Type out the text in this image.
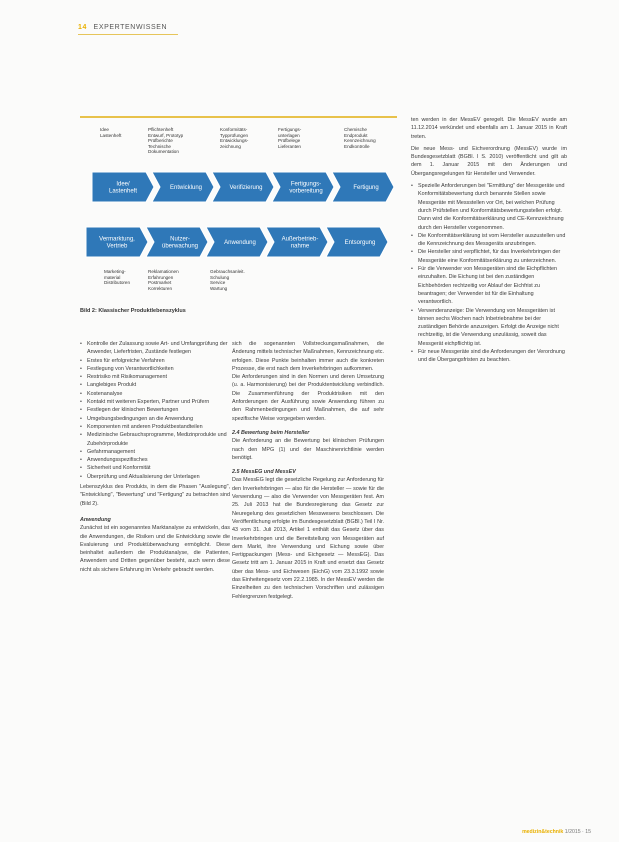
14 EXPERTENWISSEN
Idee
Lastenheft
Pflichtenheft
Entwurf, Prototyp
Prüfberichte
Technische
Dokumentation
Konformitäts-
Typprüfungen
Entwicklungs-
zeichnung
Fertigungs-
unterlagen
Prüfbelege
Lieferanten
Chemische
Endprodukt
Kennzeichnung
Endkontrolle
Idee/
Lastenheft
Entwicklung	Verifizierung
Fertigungs-
vorbereitung
Fertigung
Vermarktung,
Vertrieb
Nutzer-
überwachung
Anwendung
Außerbetrieb-
nahme
Entsorgung
Marketing-
material
Distributoren
Reklamationen
Erfahrungen
Postmarket
Korrekturen
Gebrauchsanleit.
Schulung
Service
Wartung
Bild 2: Klassischer Produktlebenszyklus
• Kontrolle der Zulassung sowie Art- und Umfangprüfung der Anwender, Lieferfristen, Zustände festlegen
• Erstes für erfolgreiche Verfahren
• Festlegung von Verantwortlichkeiten
• Restrisiko mit Risikomanagement
• Langlebiges Produkt
• Kostenanalyse
• Kontakt mit weiteren Experten, Partner und Prüfern
• Festlegen der klinischen Bewertungen
• Umgebungsbedingungen an die Anwendung
• Komponenten mit anderen Produktbestandteilen
• Medizinische Gebrauchsprogramme, Medizinprodukte und Zubehörprodukte
• Gefahrmanagement
• Anwendungsspezifisches
• Sicherheit und Konformität
• Überprüfung und Aktualisierung der Unterlagen

Lebenszyklus des Produkts, in dem die Phasen "Auslegung", "Entwicklung", "Bewertung" und "Fertigung" zu betrachten sind (Bild 2).

Anwendung

Zunächst ist ein sogenanntes Marktanalyse zu entwickeln, das die Anwendungen, die Risiken und die Entwicklung sowie die Evaluierung und Produktüberwachung ermöglicht. Diese beinhaltet außerdem die Produktanalyse, die Patienten, Anwendern und Dritten gegenüber besteht, auch wenn diese nicht als sichere Erfahrung im Verkehr gebracht werden.

sich die sogenannten Vollstreckungsmaßnahmen, die Änderung mittels technischer Maßnahmen, Kennzeichnung etc. erfolgen. Diese Punkte beinhalten immer auch die konkreten Prozesse, die erst nach dem Inverkehrbringen aufkommen.

Die Anforderungen sind in den Normen und deren Umsetzung (u. a. Harmonisierung) bei der Produktentwicklung verbindlich. Die Zusammenführung der Produktrisiken mit den Anforderungen der Ausführung sowie Anwendung führen zu den Rahmenbedingungen und Maßnahmen, die auf sehr spezifische Weise vorgegeben werden.

2.4 Bewertung beim Hersteller

Die Anforderung an die Bewertung bei klinischen Prüfungen nach den MPG (1) und der Maschinenrichtlinie werden benötigt.

2.5 MessEG und MessEV

Das MessEG legt die gesetzliche Regelung zur Anforderung für den Inverkehrbringen — also für die Hersteller — sowie für die Verwendung — also die Verwender von Messgeräten fest. Am 25. Juli 2013 hat die Bundesregierung das Gesetz zur Neuregelung des gesetzlichen Messwesens beschlossen. Die Veröffentlichung erfolgte im Bundesgesetzblatt (BGBl.) Teil I Nr. 43 vom 31. Juli 2013, Artikel 1 enthält das Gesetz über das Inverkehrbringen und die Bereitstellung von Messgeräten auf dem Markt, ihre Verwendung und Eichung sowie über Fertigpackungen (Mess- und Eichgesetz — MessEG). Das Gesetz tritt am 1. Januar 2015 in Kraft und ersetzt das Gesetz über das Mess- und Eichwesen (EichG) vom 23.3.1992 sowie das Einheitengesetz vom 22.2.1985. In der MessEV werden die Einzelheiten zu den technischen Vorschriften und zulässigen Fehlergrenzen festgelegt.

ten werden in der MessEV geregelt. Die MessEV wurde am 11.12.2014 verkündet und ebenfalls am 1. Januar 2015 in Kraft treten.

Die neue Mess- und Eichverordnung (MessEV) wurde im Bundesgesetzblatt (BGBl. I S. 2010) veröffentlicht und gilt ab dem 1. Januar 2015 mit den Änderungen und Übergangsregelungen für Hersteller und Verwender.

• Spezielle Anforderungen bei "Ermittlung" der Messgeräte und Konformitätsbewertung durch benannte Stellen sowie Messgeräte mit Messstellen vor Ort, bei welchen Prüfung durch Prüfstellen und Konformitätsbewertungsstellen erfolgt. Dann wird die Konformitätserklärung und CE-Kennzeichnung durch den Hersteller vorgenommen.
• Die Konformitätserklärung ist vom Hersteller auszustellen und die Kennzeichnung des Messgeräts anzubringen.
• Die Hersteller sind verpflichtet, für das Inverkehrbringen der Messgeräte eine Konformitätserklärung zu unterzeichnen.
• Für die Verwender von Messgeräten sind die Eichpflichten einzuhalten. Die Eichung ist bei den zuständigen Eichbehörden rechtzeitig vor Ablauf der Eichfrist zu beantragen; der Verwender ist für die Einhaltung verantwortlich.
• Verwenderanzeige: Die Verwendung von Messgeräten ist binnen sechs Wochen nach Inbetriebnahme bei der zuständigen Behörde anzuzeigen. Erfolgt die Anzeige nicht rechtzeitig, ist die Verwendung unzulässig, soweit das Messgerät eichpflichtig ist.
• Für neue Messgeräte sind die Anforderungen der Verordnung und die Übergangsfristen zu beachten.
medizin&technik 1/2015 · 15
